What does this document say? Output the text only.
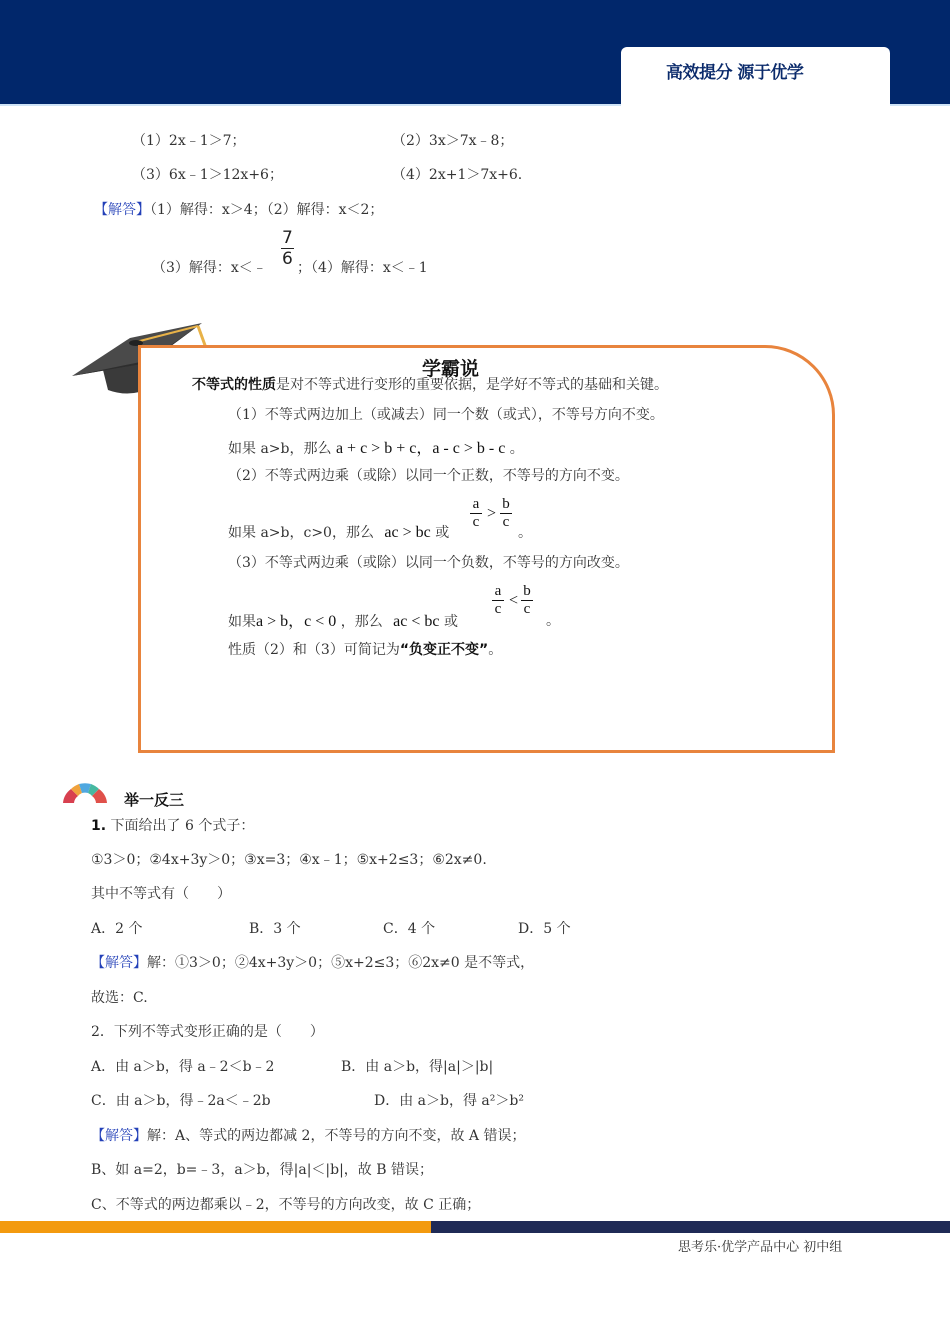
高效提分 源于优学
（1）2x﹣1＞7；	（2）3x＞7x﹣8；
（3）6x﹣1＞12x+6；	（4）2x+1＞7x+6.
【解答】（1）解得：x＞4；（2）解得：x＜2；
（3）解得：x＜﹣ $\frac{7}{6}$ ；（4）解得：x＜﹣1
学霸说
不等式的性质是对不等式进行变形的重要依据，是学好不等式的基础和关键。
（1）不等式两边加上（或减去）同一个数（或式），不等号方向不变。
如果 a>b，那么 a + c > b + c，a - c > b - c 。
（2）不等式两边乘（或除）以同一个正数，不等号的方向不变。
如果 a>b，c>0，那么 ac > bc 或
$\frac{a}{c} > \frac{b}{c}$
。
（3）不等式两边乘（或除）以同一个负数，不等号的方向改变。
如果a > b，c < 0 ，那么 ac < bc 或
$\frac{a}{c} < \frac{b}{c}$
。
性质（2）和（3）可简记为“负变正不变”。
举一反三
1. 下面给出了 6 个式子：
①3＞0；②4x+3y＞0；③x=3；④x﹣1；⑤x+2≤3；⑥2x≠0.
其中不等式有（　　）
A．2 个	B．3 个	C．4 个	D．5 个
【解答】解：①3＞0；②4x+3y＞0；⑤x+2≤3；⑥2x≠0 是不等式，
故选：C.
2．下列不等式变形正确的是（　　）
A．由 a＞b，得 a﹣2＜b﹣2	B．由 a＞b，得|a|＞|b|
C．由 a＞b，得﹣2a＜﹣2b	D．由 a＞b，得 a²＞b²
【解答】解：A、等式的两边都减 2，不等号的方向不变，故 A 错误；
B、如 a=2，b=﹣3，a＞b，得|a|＜|b|，故 B 错误；
C、不等式的两边都乘以﹣2，不等号的方向改变，故 C 正确；
思考乐·优学产品中心 初中组
